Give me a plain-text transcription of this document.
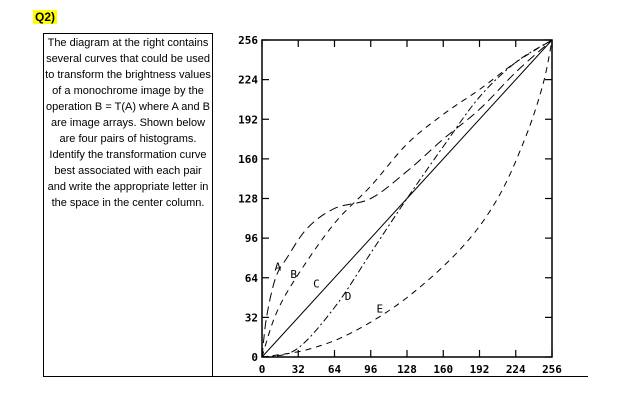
Q2)
The diagram at the right contains several curves that could be used to transform the brightness values of a monochrome image by the operation B = T(A) where A and B are image arrays. Shown below are four pairs of histograms. Identify the transformation curve best associated with each pair and write the appropriate letter in the space in the center column.
0 32 64 96 128 160 192 224 256
0
32
64
96
128
160
192
224
256
A
B
C
D
E
